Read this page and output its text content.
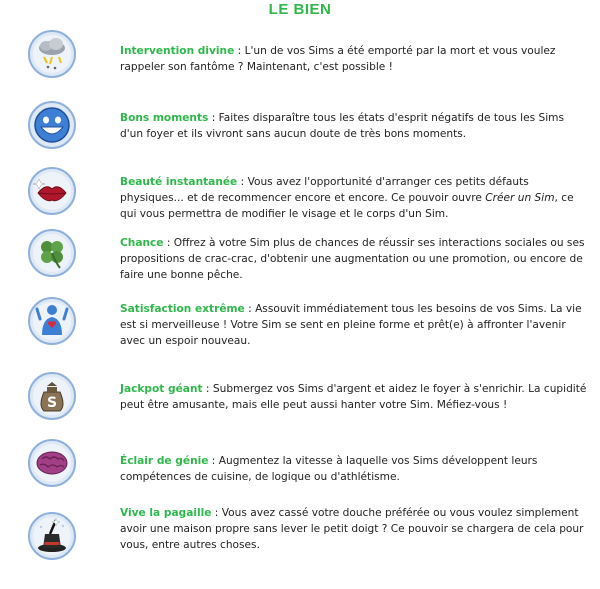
LE BIEN
Intervention divine : L'un de vos Sims a été emporté par la mort et vous voulez rappeler son fantôme ? Maintenant, c'est possible !
Bons moments : Faites disparaître tous les états d'esprit négatifs de tous les Sims d'un foyer et ils vivront sans aucun doute de très bons moments.
Beauté instantanée : Vous avez l'opportunité d'arranger ces petits défauts physiques... et de recommencer encore et encore. Ce pouvoir ouvre Créer un Sim, ce qui vous permettra de modifier le visage et le corps d'un Sim.
Chance : Offrez à votre Sim plus de chances de réussir ses interactions sociales ou ses propositions de crac-crac, d'obtenir une augmentation ou une promotion, ou encore de faire une bonne pêche.
Satisfaction extrême : Assouvit immédiatement tous les besoins de vos Sims. La vie est si merveilleuse ! Votre Sim se sent en pleine forme et prêt(e) à affronter l'avenir avec un espoir nouveau.
S
Jackpot géant : Submergez vos Sims d'argent et aidez le foyer à s'enrichir. La cupidité peut être amusante, mais elle peut aussi hanter votre Sim. Méfiez-vous !
Éclair de génie : Augmentez la vitesse à laquelle vos Sims développent leurs compétences de cuisine, de logique ou d'athlétisme.
Vive la pagaille : Vous avez cassé votre douche préférée ou vous voulez simplement avoir une maison propre sans lever le petit doigt ? Ce pouvoir se chargera de cela pour vous, entre autres choses.
